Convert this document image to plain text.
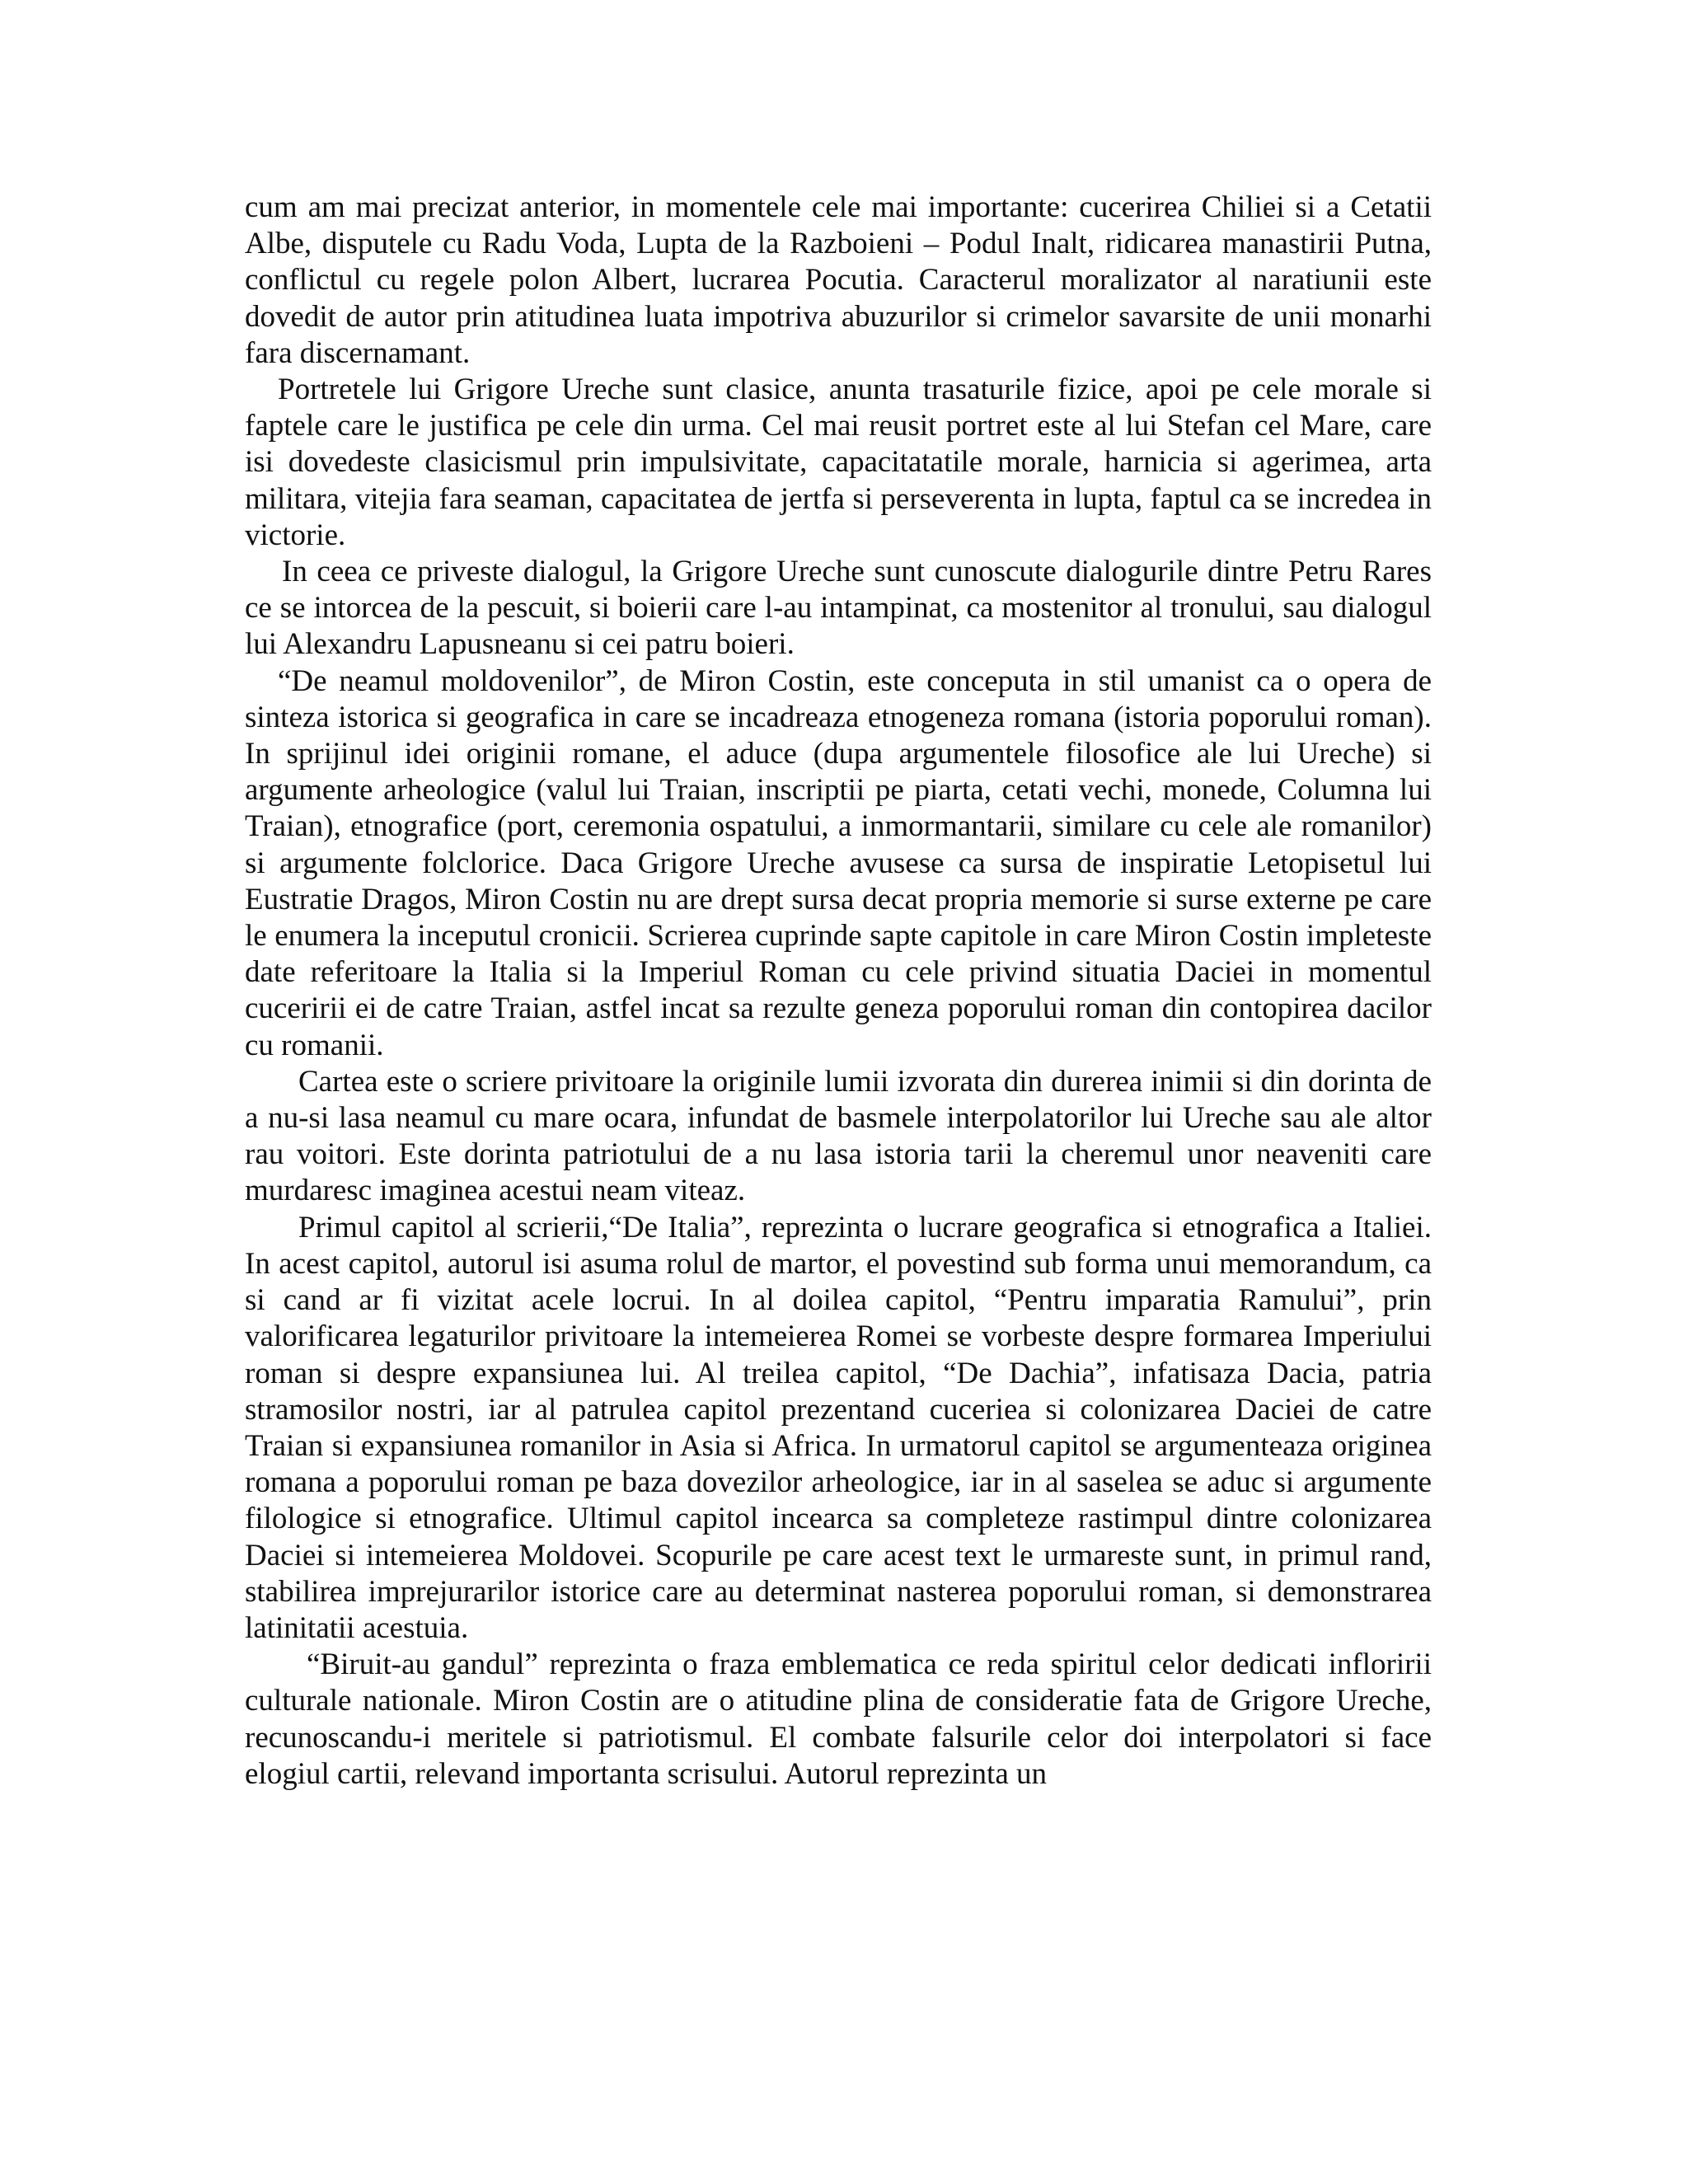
cum am mai precizat anterior, in momentele cele mai importante: cucerirea Chiliei si a Cetatii Albe, disputele cu Radu Voda, Lupta de la Razboieni – Podul Inalt, ridicarea manastirii Putna, conflictul cu regele polon Albert, lucrarea Pocutia. Caracterul moralizator al naratiunii este dovedit de autor prin atitudinea luata impotriva abuzurilor si crimelor savarsite de unii monarhi fara discernamant.

Portretele lui Grigore Ureche sunt clasice, anunta trasaturile fizice, apoi pe cele morale si faptele care le justifica pe cele din urma. Cel mai reusit portret este al lui Stefan cel Mare, care isi dovedeste clasicismul prin impulsivitate, capacitatatile morale, harnicia si agerimea, arta militara, vitejia fara seaman, capacitatea de jertfa si perseverenta in lupta, faptul ca se incredea in victorie.

In ceea ce priveste dialogul, la Grigore Ureche sunt cunoscute dialogurile dintre Petru Rares ce se intorcea de la pescuit, si boierii care l-au intampinat, ca mostenitor al tronului, sau dialogul lui Alexandru Lapusneanu si cei patru boieri.

“De neamul moldovenilor”, de Miron Costin, este conceputa in stil umanist ca o opera de sinteza istorica si geografica in care se incadreaza etnogeneza romana (istoria poporului roman). In sprijinul idei originii romane, el aduce (dupa argumentele filosofice ale lui Ureche) si argumente arheologice (valul lui Traian, inscriptii pe piarta, cetati vechi, monede, Columna lui Traian), etnografice (port, ceremonia ospatului, a inmormantarii, similare cu cele ale romanilor) si argumente folclorice. Daca Grigore Ureche avusese ca sursa de inspiratie Letopisetul lui Eustratie Dragos, Miron Costin nu are drept sursa decat propria memorie si surse externe pe care le enumera la inceputul cronicii. Scrierea cuprinde sapte capitole in care Miron Costin impleteste date referitoare la Italia si la Imperiul Roman cu cele privind situatia Daciei in momentul cuceririi ei de catre Traian, astfel incat sa rezulte geneza poporului roman din contopirea dacilor cu romanii.

Cartea este o scriere privitoare la originile lumii izvorata din durerea inimii si din dorinta de a nu-si lasa neamul cu mare ocara, infundat de basmele interpolatorilor lui Ureche sau ale altor rau voitori. Este dorinta patriotului de a nu lasa istoria tarii la cheremul unor neaveniti care murdaresc imaginea acestui neam viteaz.

Primul capitol al scrierii,“De Italia”, reprezinta o lucrare geografica si etnografica a Italiei. In acest capitol, autorul isi asuma rolul de martor, el povestind sub forma unui memorandum, ca si cand ar fi vizitat acele locrui. In al doilea capitol, “Pentru imparatia Ramului”, prin valorificarea legaturilor privitoare la intemeierea Romei se vorbeste despre formarea Imperiului roman si despre expansiunea lui. Al treilea capitol, “De Dachia”, infatisaza Dacia, patria stramosilor nostri, iar al patrulea capitol prezentand cuceriea si colonizarea Daciei de catre Traian si expansiunea romanilor in Asia si Africa. In urmatorul capitol se argumenteaza originea romana a poporului roman pe baza dovezilor arheologice, iar in al saselea se aduc si argumente filologice si etnografice. Ultimul capitol incearca sa completeze rastimpul dintre colonizarea Daciei si intemeierea Moldovei. Scopurile pe care acest text le urmareste sunt, in primul rand, stabilirea imprejurarilor istorice care au determinat nasterea poporului roman, si demonstrarea latinitatii acestuia.

“Biruit-au gandul” reprezinta o fraza emblematica ce reda spiritul celor dedicati infloririi culturale nationale. Miron Costin are o atitudine plina de consideratie fata de Grigore Ureche, recunoscandu-i meritele si patriotismul. El combate falsurile celor doi interpolatori si face elogiul cartii, relevand importanta scrisului. Autorul reprezinta un
